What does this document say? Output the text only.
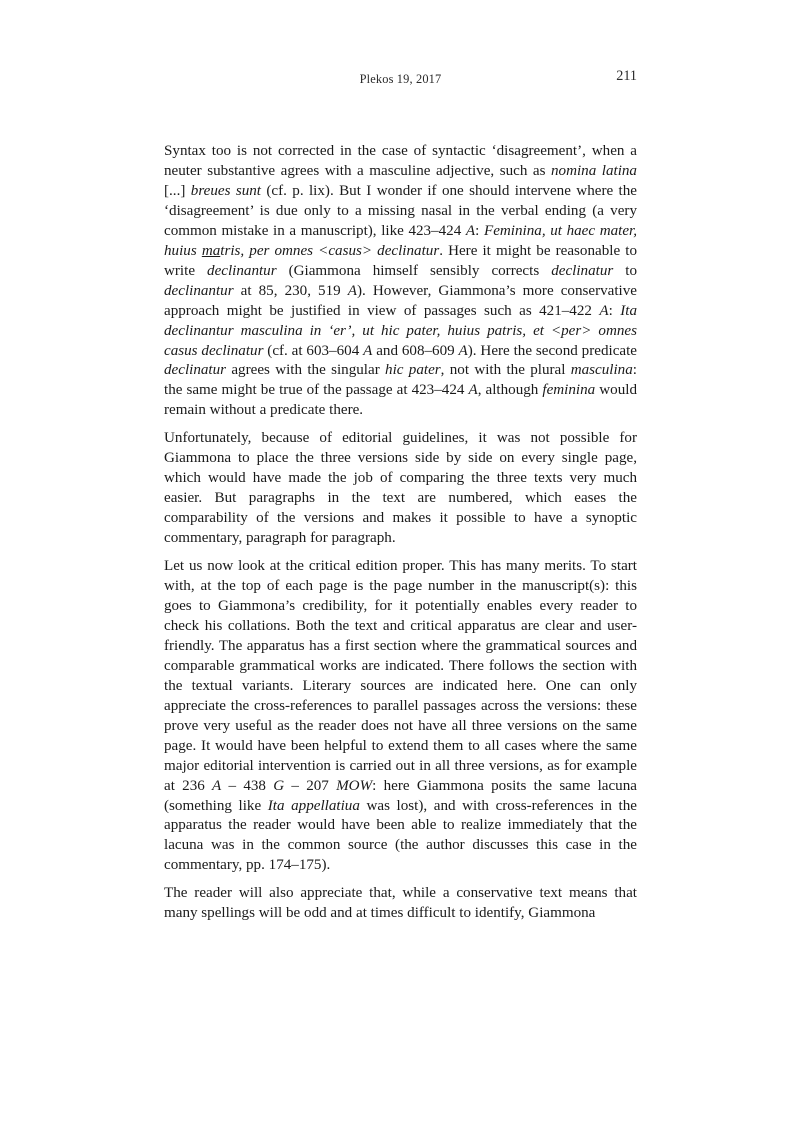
Plekos 19, 2017	211

Syntax too is not corrected in the case of syntactic ‘disagreement’, when a neuter substantive agrees with a masculine adjective, such as nomina latina [...] breues sunt (cf. p. lix). But I wonder if one should intervene where the ‘disagreement’ is due only to a missing nasal in the verbal ending (a very common mistake in a manuscript), like 423–424 A: Feminina, ut haec mater, huius matris, per omnes <casus> declinatur. Here it might be reasonable to write declinantur (Giammona himself sensibly corrects declinatur to declinantur at 85, 230, 519 A). However, Giammona’s more conservative approach might be justified in view of passages such as 421–422 A: Ita declinantur masculina in ‘er’, ut hic pater, huius patris, et <per> omnes casus declinatur (cf. at 603–604 A and 608–609 A). Here the second predicate declinatur agrees with the singular hic pater, not with the plural masculina: the same might be true of the passage at 423–424 A, although feminina would remain without a predicate there.

Unfortunately, because of editorial guidelines, it was not possible for Giammona to place the three versions side by side on every single page, which would have made the job of comparing the three texts very much easier. But paragraphs in the text are numbered, which eases the comparability of the versions and makes it possible to have a synoptic commentary, paragraph for paragraph.

Let us now look at the critical edition proper. This has many merits. To start with, at the top of each page is the page number in the manuscript(s): this goes to Giammona’s credibility, for it potentially enables every reader to check his collations. Both the text and critical apparatus are clear and user-friendly. The apparatus has a first section where the grammatical sources and comparable grammatical works are indicated. There follows the section with the textual variants. Literary sources are indicated here. One can only appreciate the cross-references to parallel passages across the versions: these prove very useful as the reader does not have all three versions on the same page. It would have been helpful to extend them to all cases where the same major editorial intervention is carried out in all three versions, as for example at 236 A – 438 G – 207 MOW: here Giammona posits the same lacuna (something like Ita appellatiua was lost), and with cross-references in the apparatus the reader would have been able to realize immediately that the lacuna was in the common source (the author discusses this case in the commentary, pp. 174–175).

The reader will also appreciate that, while a conservative text means that many spellings will be odd and at times difficult to identify, Giammona
